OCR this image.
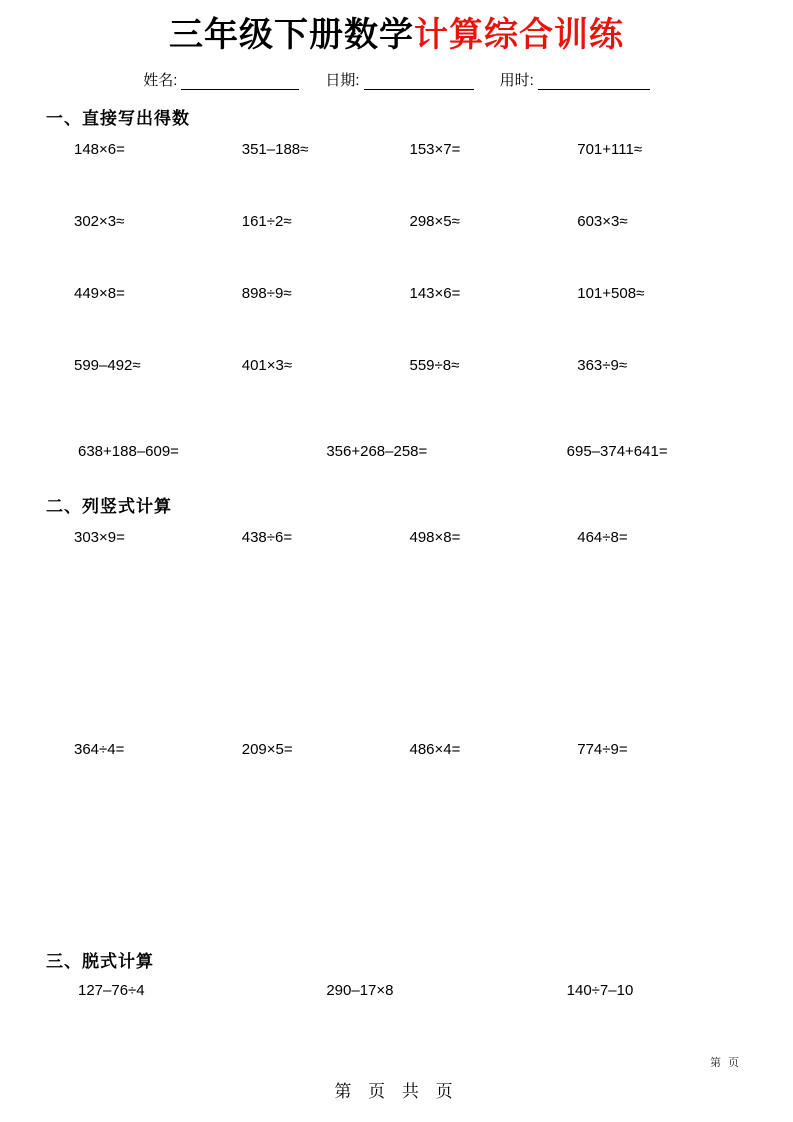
三年级下册数学计算综合训练
姓名:	日期:	用时:
一、直接写出得数
148×6=	351–188≈	153×7=	701+111≈
302×3≈	161÷2≈	298×5≈	603×3≈
449×8=	898÷9≈	143×6=	101+508≈
599–492≈	401×3≈	559÷8≈	363÷9≈
638+188–609=	356+268–258=	695–374+641=
二、列竖式计算
303×9=	438÷6=	498×8=	464÷8=
364÷4=	209×5=	486×4=	774÷9=
三、脱式计算
127–76÷4	290–17×8	140÷7–10
第 页 共 页
第 页
